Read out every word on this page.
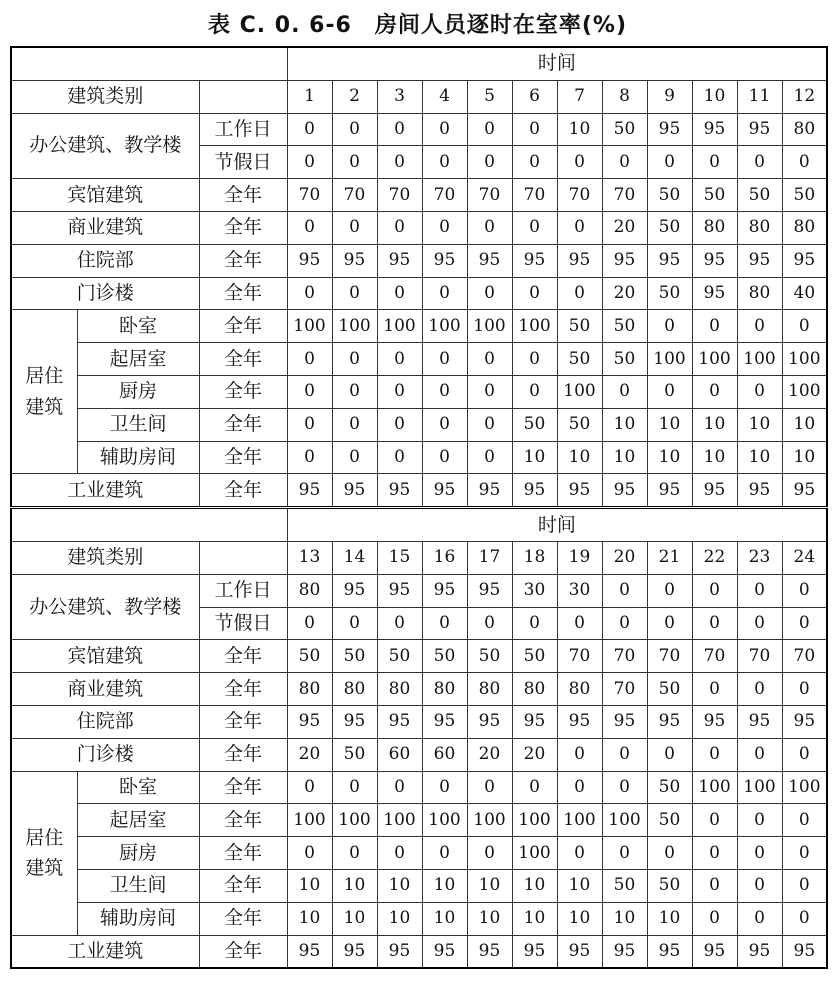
表 C. 0. 6-6　房间人员逐时在室率(%)
			时间											
建筑类别			1	2	3	4	5	6	7	8	9	10	11	12
办公建筑、教学楼		工作日	0	0	0	0	0	0	10	50	95	95	95	80
		节假日	0	0	0	0	0	0	0	0	0	0	0	0
宾馆建筑		全年	70	70	70	70	70	70	70	70	50	50	50	50
商业建筑		全年	0	0	0	0	0	0	0	20	50	80	80	80
住院部		全年	95	95	95	95	95	95	95	95	95	95	95	95
门诊楼		全年	0	0	0	0	0	0	0	20	50	95	80	40
居住
建筑	卧室	全年	100	100	100	100	100	100	50	50	0	0	0	0
	起居室	全年	0	0	0	0	0	0	50	50	100	100	100	100
	厨房	全年	0	0	0	0	0	0	100	0	0	0	0	100
	卫生间	全年	0	0	0	0	0	50	50	10	10	10	10	10
	辅助房间	全年	0	0	0	0	0	10	10	10	10	10	10	10
工业建筑		全年	95	95	95	95	95	95	95	95	95	95	95	95
			时间											
建筑类别			13	14	15	16	17	18	19	20	21	22	23	24
办公建筑、教学楼		工作日	80	95	95	95	95	30	30	0	0	0	0	0
		节假日	0	0	0	0	0	0	0	0	0	0	0	0
宾馆建筑		全年	50	50	50	50	50	50	70	70	70	70	70	70
商业建筑		全年	80	80	80	80	80	80	80	70	50	0	0	0
住院部		全年	95	95	95	95	95	95	95	95	95	95	95	95
门诊楼		全年	20	50	60	60	20	20	0	0	0	0	0	0
居住
建筑	卧室	全年	0	0	0	0	0	0	0	0	50	100	100	100
	起居室	全年	100	100	100	100	100	100	100	100	50	0	0	0
	厨房	全年	0	0	0	0	0	100	0	0	0	0	0	0
	卫生间	全年	10	10	10	10	10	10	10	50	50	0	0	0
	辅助房间	全年	10	10	10	10	10	10	10	10	10	0	0	0
工业建筑		全年	95	95	95	95	95	95	95	95	95	95	95	95
